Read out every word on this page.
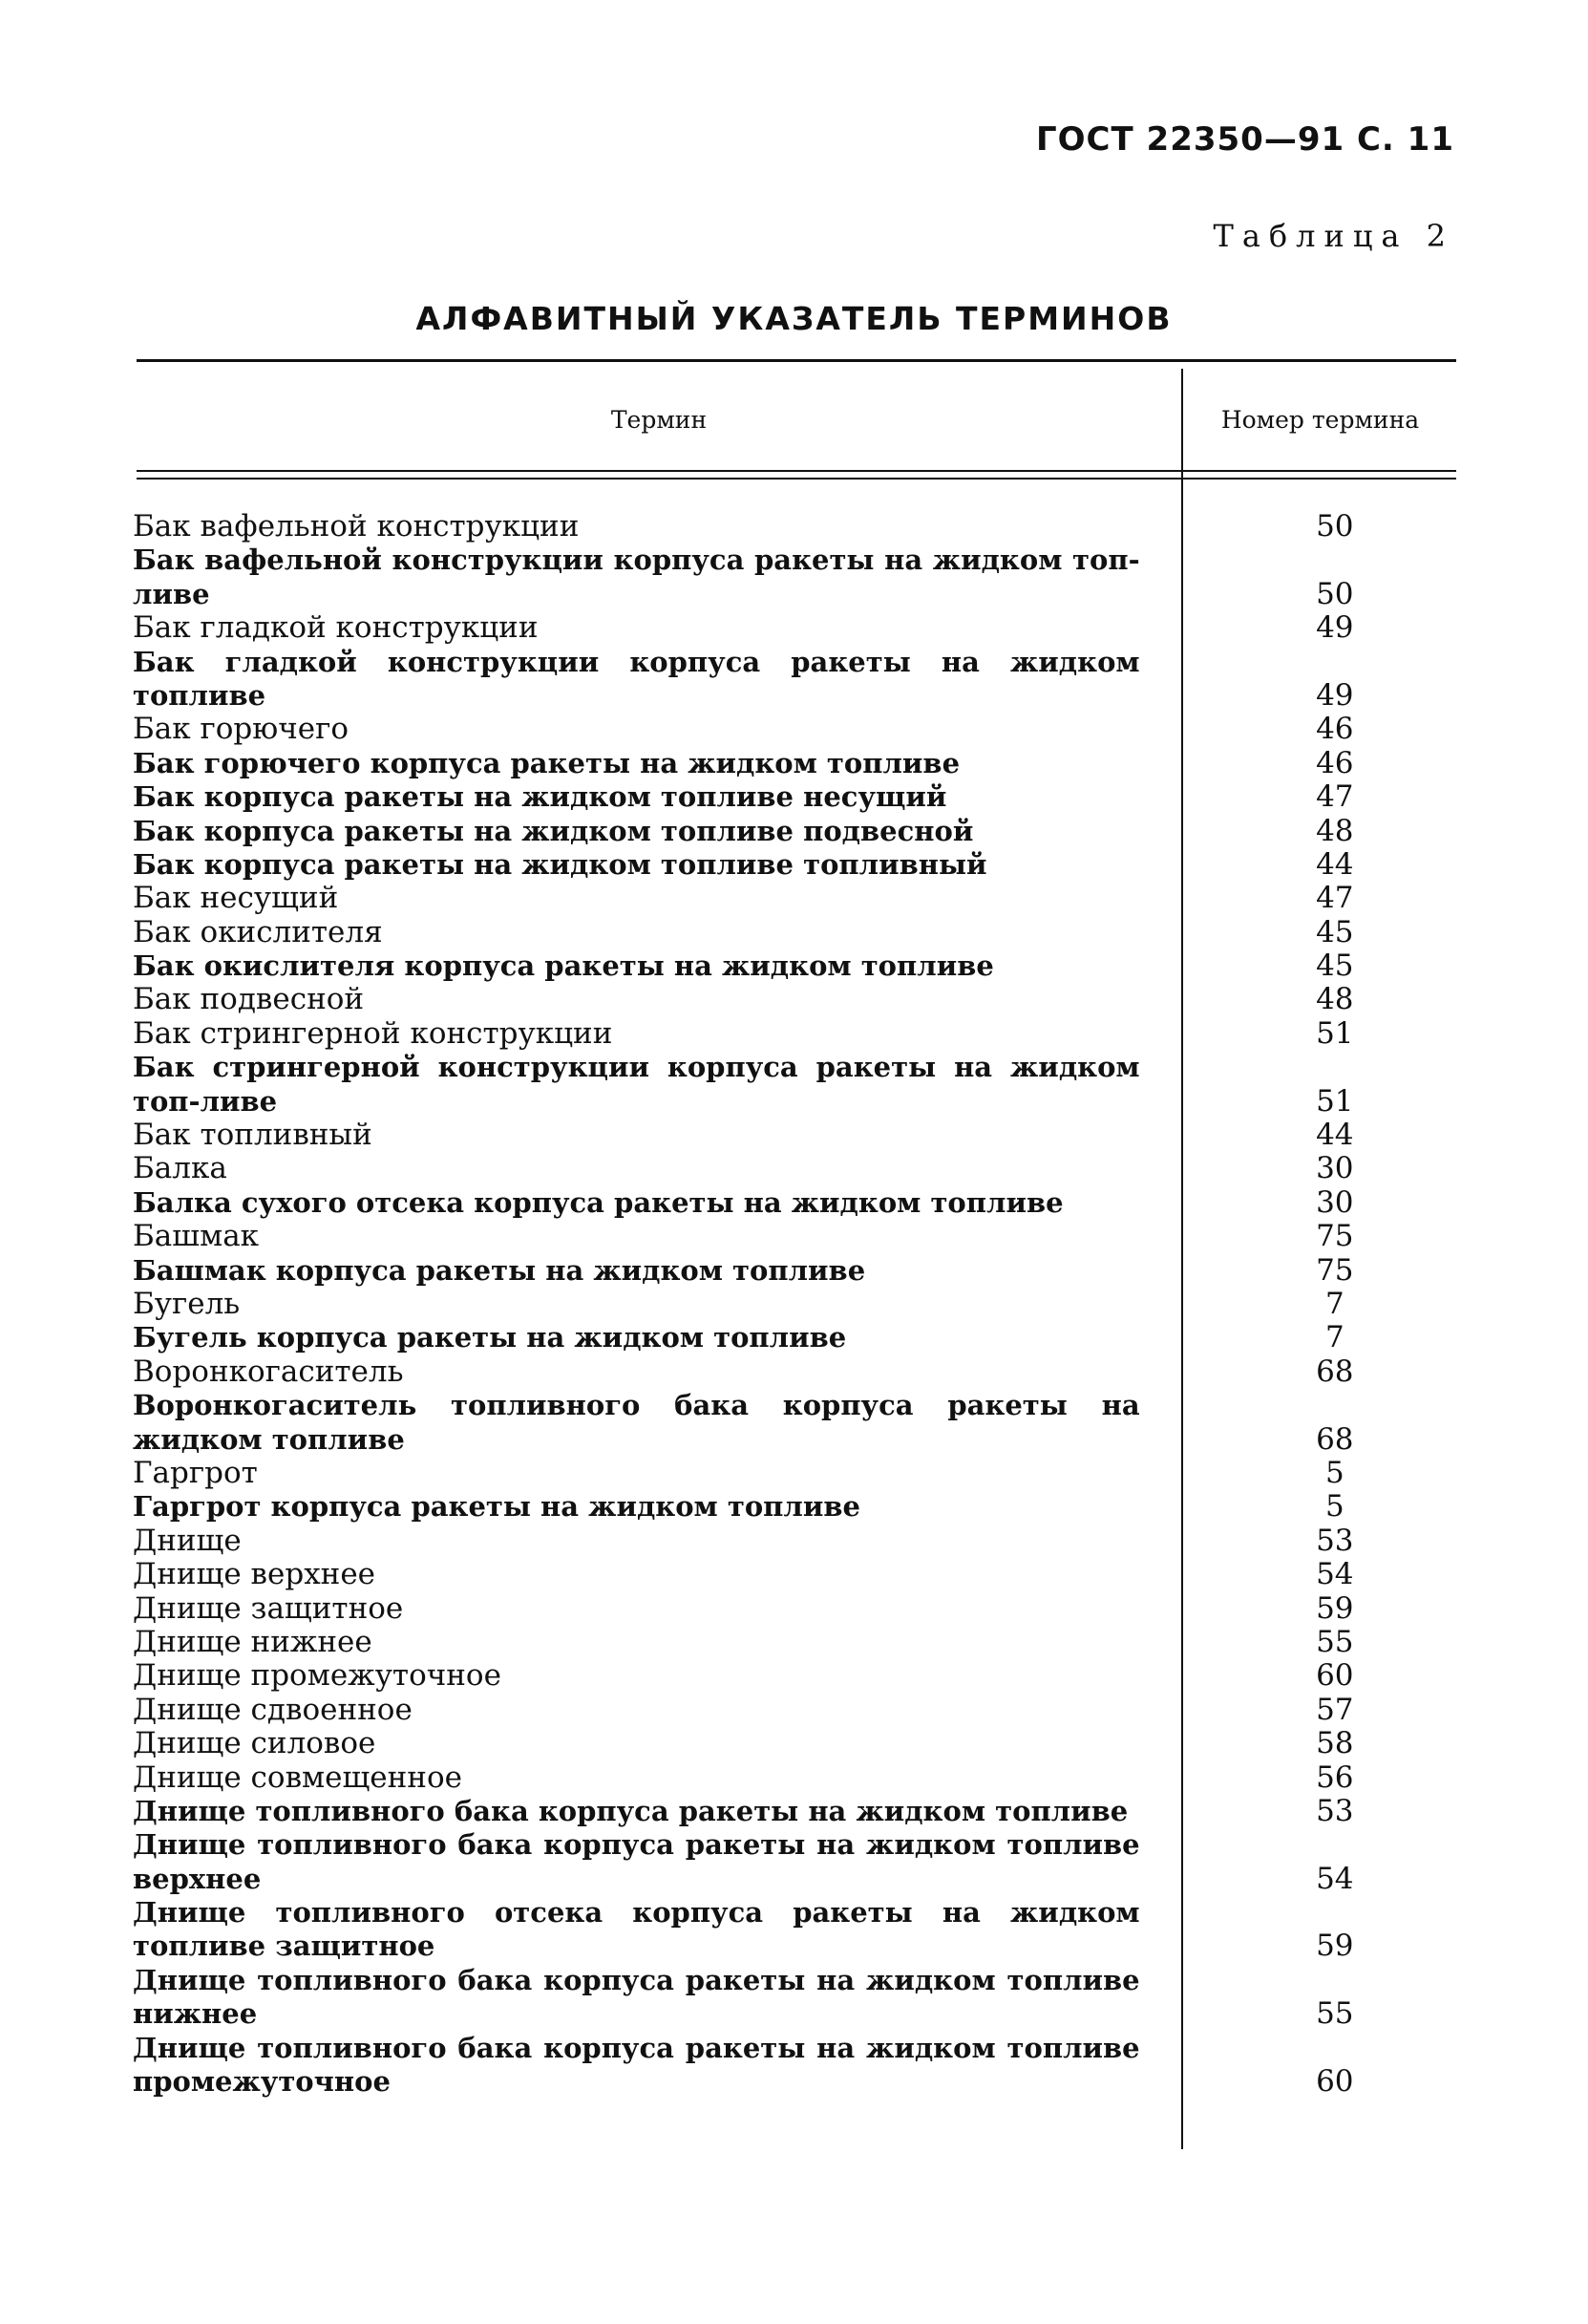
ГОСТ 22350—91 С. 11
Таблица 2
АЛФАВИТНЫЙ УКАЗАТЕЛЬ ТЕРМИНОВ
Термин	Номер термина
Бак вафельной конструкции	50
Бак вафельной конструкции корпуса ракеты на жидком топ-ливе	50
Бак гладкой конструкции	49
Бак гладкой конструкции корпуса ракеты на жидком топливе	49
Бак горючего	46
Бак горючего корпуса ракеты на жидком топливе	46
Бак корпуса ракеты на жидком топливе несущий	47
Бак корпуса ракеты на жидком топливе подвесной	48
Бак корпуса ракеты на жидком топливе топливный	44
Бак несущий	47
Бак окислителя	45
Бак окислителя корпуса ракеты на жидком топливе	45
Бак подвесной	48
Бак стрингерной конструкции	51
Бак стрингерной конструкции корпуса ракеты на жидком топ-ливе	51
Бак топливный	44
Балка	30
Балка сухого отсека корпуса ракеты на жидком топливе	30
Башмак	75
Башмак корпуса ракеты на жидком топливе	75
Бугель	7
Бугель корпуса ракеты на жидком топливе	7
Воронкогаситель	68
Воронкогаситель топливного бака корпуса ракеты на жидком топливе	68
Гаргрот	5
Гаргрот корпуса ракеты на жидком топливе	5
Днище	53
Днище верхнее	54
Днище защитное	59
Днище нижнее	55
Днище промежуточное	60
Днище сдвоенное	57
Днище силовое	58
Днище совмещенное	56
Днище топливного бака корпуса ракеты на жидком топливе	53
Днище топливного бака корпуса ракеты на жидком топливе верхнее	54
Днище топливного отсека корпуса ракеты на жидком топливе защитное	59
Днище топливного бака корпуса ракеты на жидком топливе нижнее	55
Днище топливного бака корпуса ракеты на жидком топливе промежуточное	60
